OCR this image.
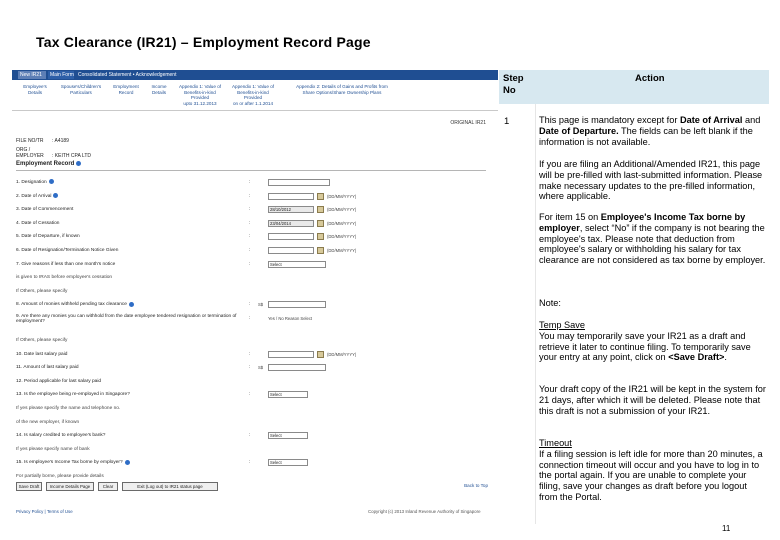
Tax Clearance (IR21) – Employment Record Page
New IR21	Main Form Consolidated Statement • Acknowledgement
Employee's
Details
Spouse's/Children's
Particulars
Employment
Record
Income
Details
Appendix 1: Value of
Benefits-in-kind Provided
upto 31.12.2013
Appendix 1: Value of
Benefits-in-kind Provided
on or after 1.1.2014
Appendix 2: Details of Gains and Profits from
Share Options/Share Ownership Plans
ORIGINAL IR21
FILE NO/TR : A4189
ORG / EMPLOYER : KEITH CPA LTD
Employment Record
1. Designation	:
2. Date of Arrival	:	(DD/MM/YYYY)
3. Date of Commencement	:	28/10/2012	(DD/MM/YYYY)
4. Date of Cessation	:	23/04/2014	(DD/MM/YYYY)
5. Date of Departure, if known	:	(DD/MM/YYYY)
6. Date of Resignation/Termination Notice Given	:	(DD/MM/YYYY)
7. Give reasons if less than one month's notice	:	Select
is given to IRAS before employee's cessation
If Others, please specify
8. Amount of monies withheld pending tax clearance	: S$
9. Are there any monies you can withhold from the date employee tendered resignation or termination of employment?
:	Yes / No Reason Select
If Others, please specify
10. Date last salary paid	:	(DD/MM/YYYY)
11. Amount of last salary paid	: S$
12. Period applicable for last salary paid
13. Is the employee being re-employed in Singapore?	:	Select
If yes please specify the name and telephone no.
of the new employer, if known
14. Is salary credited to employee's bank?	:	Select
If yes please specify name of bank
15. Is employee's Income Tax borne by employer?	:	Select
For partially borne, please provide details
Save Draft	Income Details Page	Clear	Exit (Log out) to IR21 status page	Back to Top
Privacy Policy | Terms of Use	Copyright (c) 2013 Inland Revenue Authority of Singapore
Step
No
Action
1	This page is mandatory except for Date of Arrival and Date of Departure. The fields can be left blank if the information is not available.
If you are filing an Additional/Amended IR21, this page will be pre-filled with last-submitted information. Please make necessary updates to the pre-filled information, where applicable.
For item 15 on Employee's Income Tax borne by employer, select “No” if the company is not bearing the employee's tax. Please note that deduction from employee's salary or withholding his salary for tax clearance are not considered as tax borne by employer.
Note:
Temp Save
You may temporarily save your IR21 as a draft and retrieve it later to continue filing. To temporarily save your entry at any point, click on <Save Draft>.
Your draft copy of the IR21 will be kept in the system for 21 days, after which it will be deleted. Please note that this draft is not a submission of your IR21.
Timeout
If a filing session is left idle for more than 20 minutes, a connection timeout will occur and you have to log in to the portal again. If you are unable to complete your filing, save your changes as draft before you logout from the Portal.
11
